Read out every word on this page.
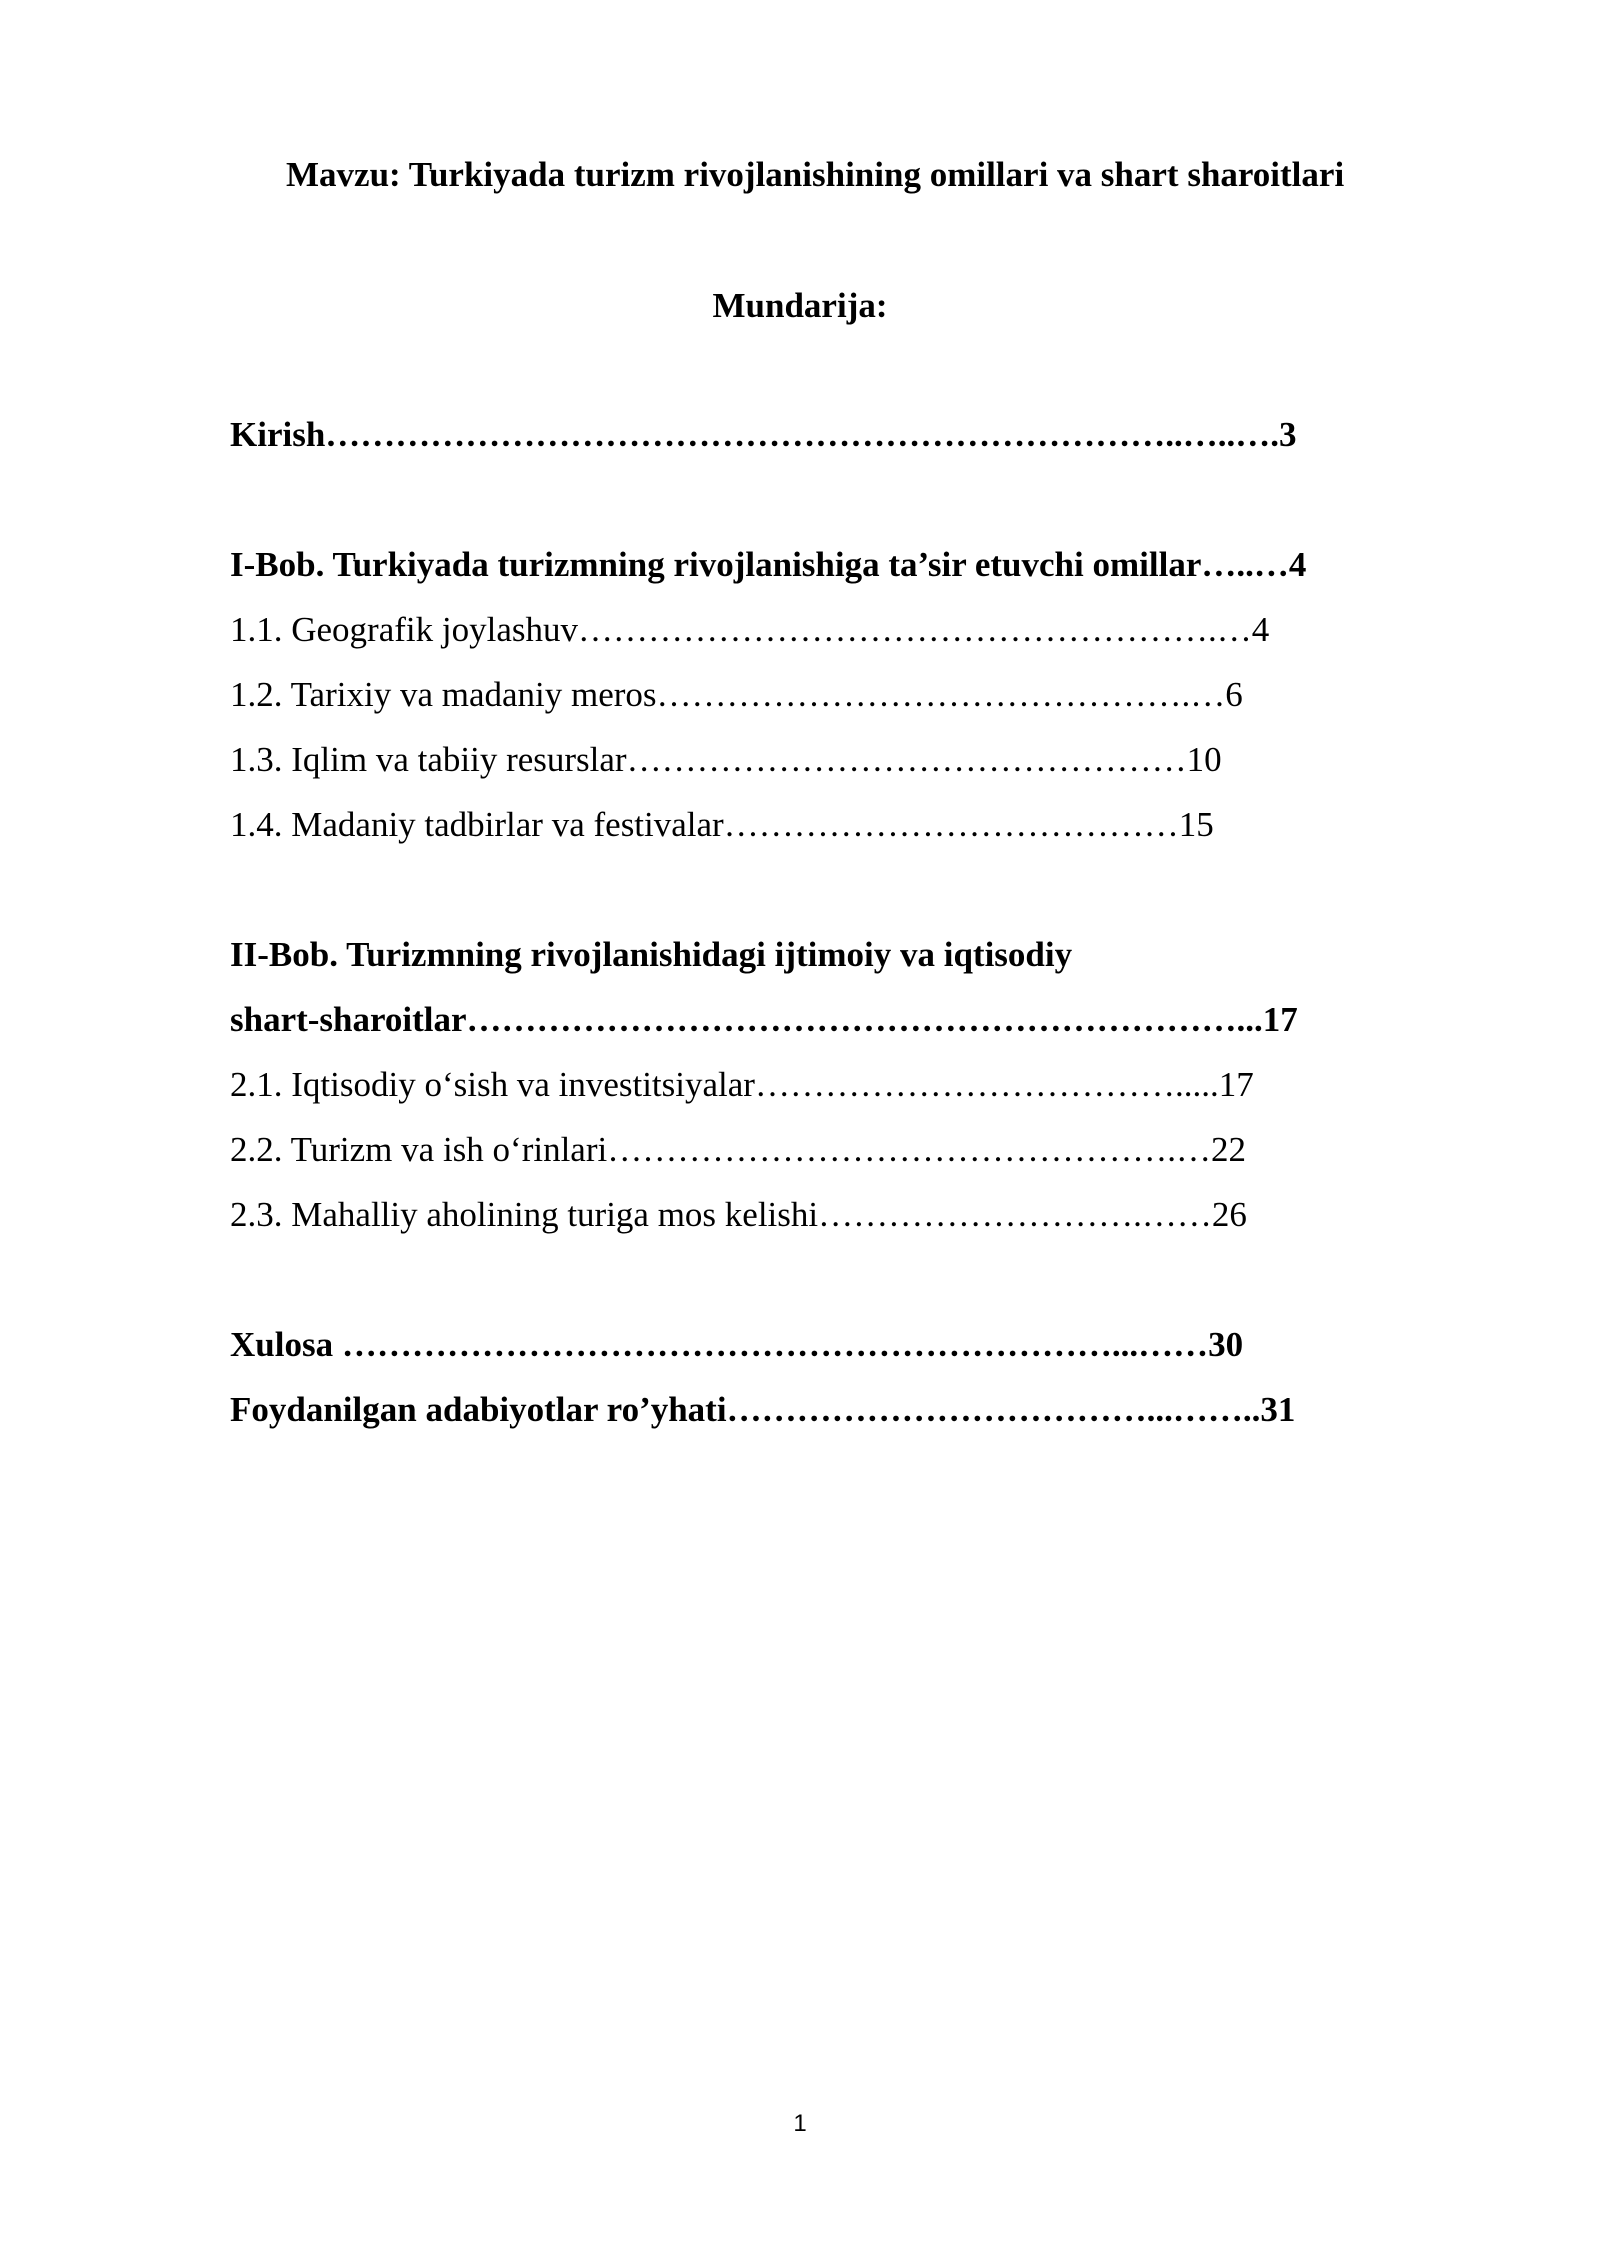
Mavzu: Turkiyada turizm rivojlanishining omillari va shart sharoitlari
Mundarija:
Kirish………………………………………………………………..…..….3
I-Bob. Turkiyada turizmning rivojlanishiga ta’sir etuvchi omillar…..…4
1.1. Geografik joylashuv……………………………………………….…4
1.2. Tarixiy va madaniy meros……………………………………….…6
1.3. Iqlim va tabiiy resurslar…………………………………………10
1.4. Madaniy tadbirlar va festivalar…………………………………15
II-Bob. Turizmning rivojlanishidagi ijtimoiy va iqtisodiy
shart-sharoitlar…………………………………………………………...17
2.1. Iqtisodiy o‘sish va investitsiyalar……………………………….....17
2.2. Turizm va ish o‘rinlari………………………………………….…22
2.3. Mahalliy aholining turiga mos kelishi……………………….……26
Xulosa …………………………………………………………...……30
Foydanilgan adabiyotlar ro’yhati………………………………...……..31
1
